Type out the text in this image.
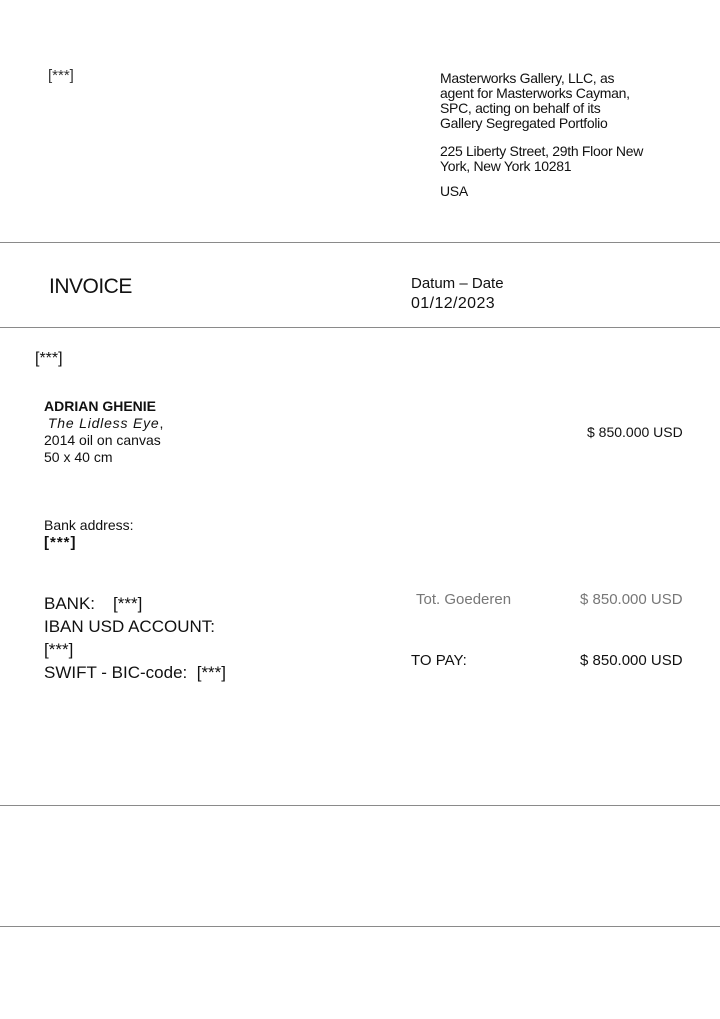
[***]	Masterworks Gallery, LLC, as
agent for Masterworks Cayman,
SPC, acting on behalf of its
Gallery Segregated Portfolio
225 Liberty Street, 29th Floor New
York, New York 10281
USA

INVOICE	Datum – Date

01/12/2023

[***]

ADRIAN GHENIE
The Lidless Eye,
2014 oil on canvas
50 x 40 cm

$ 850.000 USD

Bank address:
[***]
BANK: [***]
IBAN USD ACCOUNT:
[***]
SWIFT - BIC-code: [***]

Tot. Goederen	$ 850.000 USD

TO PAY:	$ 850.000 USD
